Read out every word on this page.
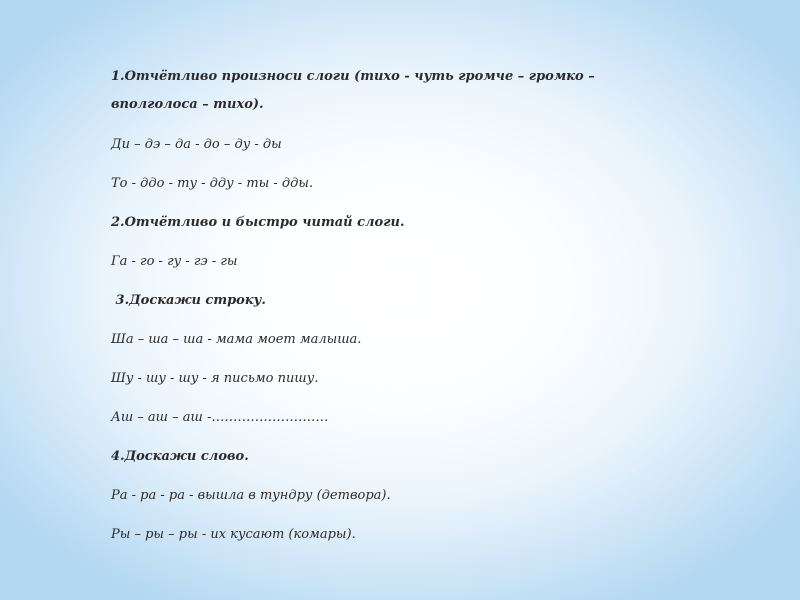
1.Отчётливо произноси слоги (тихо - чуть громче – громко –

вполголоса – тихо).

Ди – дэ – да - до – ду - ды

То - ддо - ту - дду - ты - дды.

2.Отчётливо и быстро читай слоги.

Га - го - гу - гэ - гы

3.Доскажи строку.

Ша – ша – ша - мама моет малыша.

Шу - шу - шу - я письмо пишу.

Аш – аш – аш -………………………

4.Доскажи слово.

Ра - ра - ра - вышла в тундру (детвора).

Ры – ры – ры - их кусают (комары).
